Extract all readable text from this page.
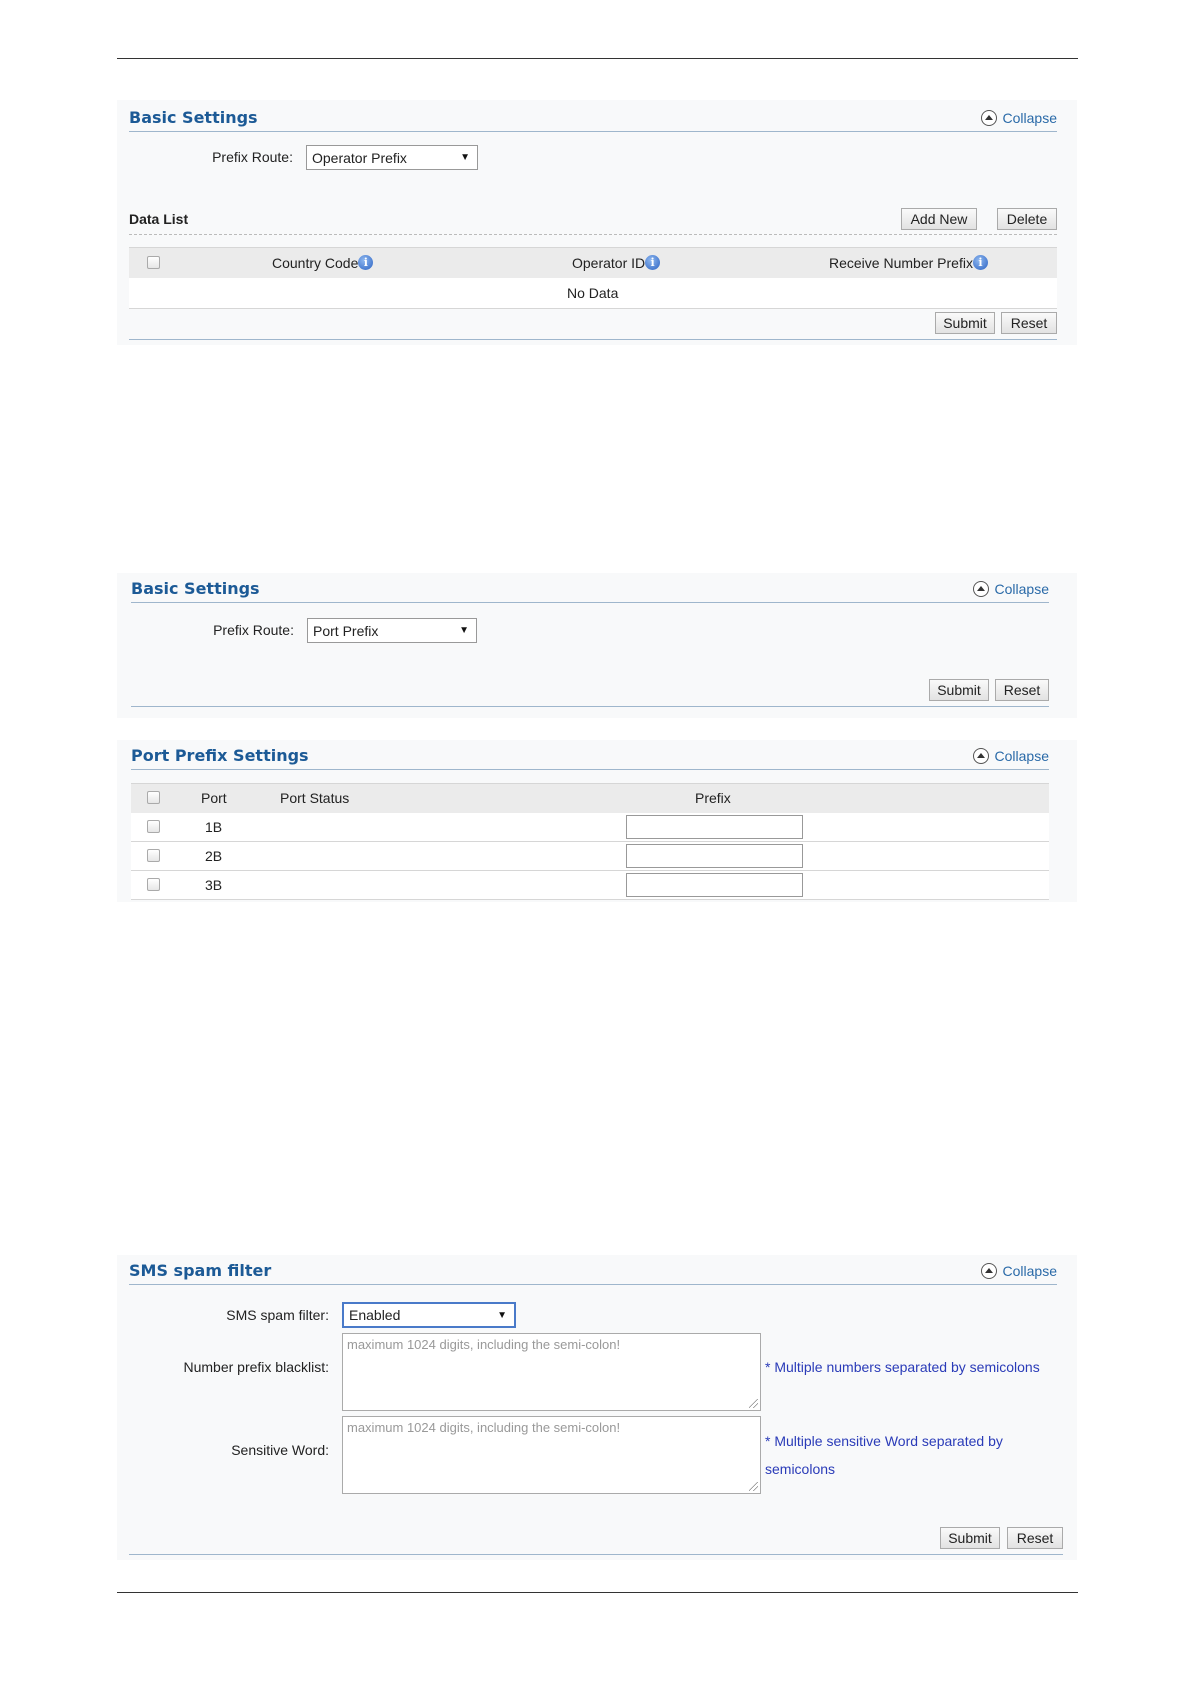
Basic Settings	Collapse
Prefix Route: Operator Prefix	▼
Data List	Add New	Delete
Country Code i	Operator ID i	Receive Number Prefix i
No Data
Submit	Reset
Basic Settings	Collapse
Prefix Route: Port Prefix	▼
Submit	Reset
Port Prefix Settings	Collapse
Port	Port Status	Prefix
1B
2B
3B
SMS spam filter	Collapse
SMS spam filter: Enabled	▼
Number prefix blacklist:
maximum 1024 digits, including the semi-colon!
* Multiple numbers separated by semicolons
Sensitive Word:
maximum 1024 digits, including the semi-colon!
* Multiple sensitive Word separated by semicolons
Submit	Reset
